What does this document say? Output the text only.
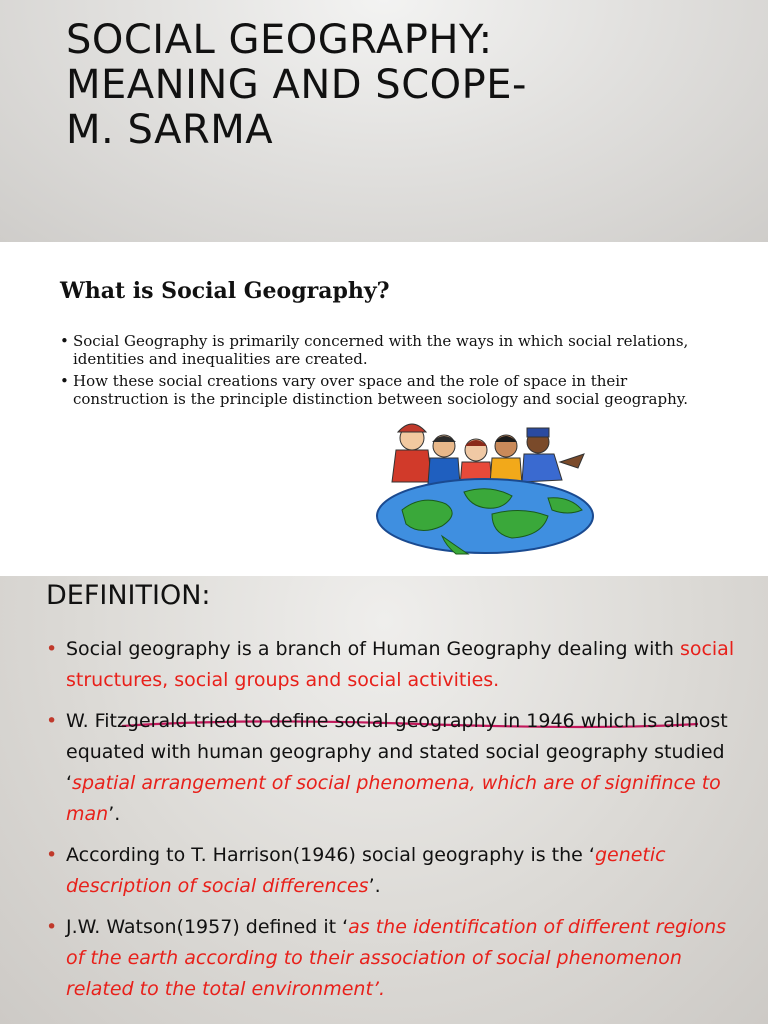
SOCIAL GEOGRAPHY:
MEANING AND SCOPE-
M. SARMA
What is Social Geography?
• Social Geography is primarily concerned with the ways in which social relations, identities and inequalities are created.
• How these social creations vary over space and the role of space in their construction is the principle distinction between sociology and social geography.
DEFINITION:
• Social geography is a branch of Human Geography dealing with social structures, social groups and social activities.
• W. Fitzgerald tried to define social geography in 1946 which is almost equated with human geography and stated social geography studied ‘spatial arrangement of social phenomena, which are of signifince to man’.
• According to T. Harrison(1946) social geography is the ‘genetic description of social differences’.
• J.W. Watson(1957) defined it ‘as the identification of different regions of the earth according to their association of social phenomenon related to the total environment’.
